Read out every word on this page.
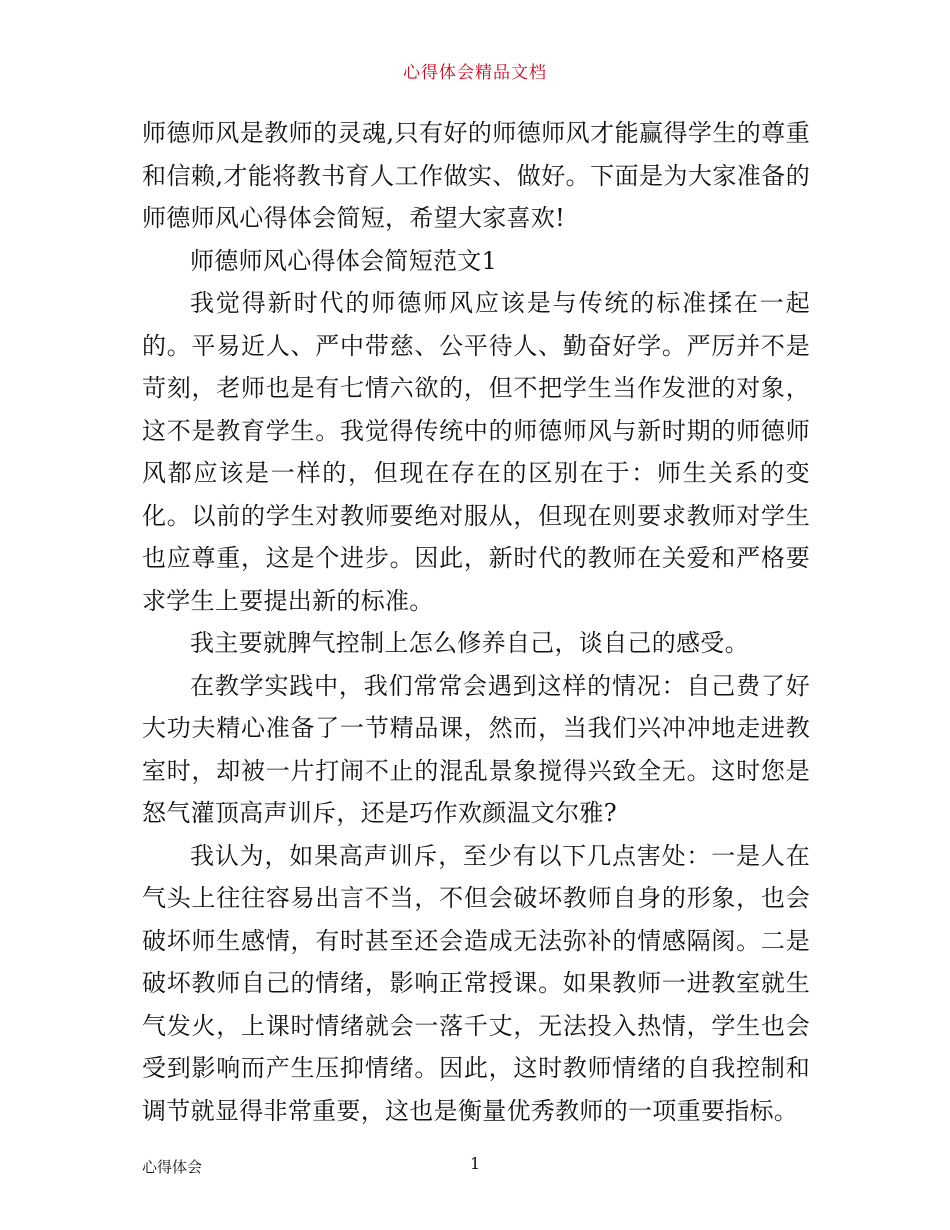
心得体会精品文档

师德师风是教师的灵魂,只有好的师德师风才能赢得学生的尊重和信赖,才能将教书育人工作做实、做好。下面是为大家准备的师德师风心得体会简短，希望大家喜欢!

师德师风心得体会简短范文1

我觉得新时代的师德师风应该是与传统的标准揉在一起的。平易近人、严中带慈、公平待人、勤奋好学。严厉并不是苛刻，老师也是有七情六欲的，但不把学生当作发泄的对象，这不是教育学生。我觉得传统中的师德师风与新时期的师德师风都应该是一样的，但现在存在的区别在于：师生关系的变化。以前的学生对教师要绝对服从，但现在则要求教师对学生也应尊重，这是个进步。因此，新时代的教师在关爱和严格要求学生上要提出新的标准。

我主要就脾气控制上怎么修养自己，谈自己的感受。

在教学实践中，我们常常会遇到这样的情况：自己费了好大功夫精心准备了一节精品课，然而，当我们兴冲冲地走进教室时，却被一片打闹不止的混乱景象搅得兴致全无。这时您是怒气灌顶高声训斥，还是巧作欢颜温文尔雅?

我认为，如果高声训斥，至少有以下几点害处：一是人在气头上往往容易出言不当，不但会破坏教师自身的形象，也会破坏师生感情，有时甚至还会造成无法弥补的情感隔阂。二是破坏教师自己的情绪，影响正常授课。如果教师一进教室就生气发火，上课时情绪就会一落千丈，无法投入热情，学生也会受到影响而产生压抑情绪。因此，这时教师情绪的自我控制和调节就显得非常重要，这也是衡量优秀教师的一项重要指标。

心得体会	1
